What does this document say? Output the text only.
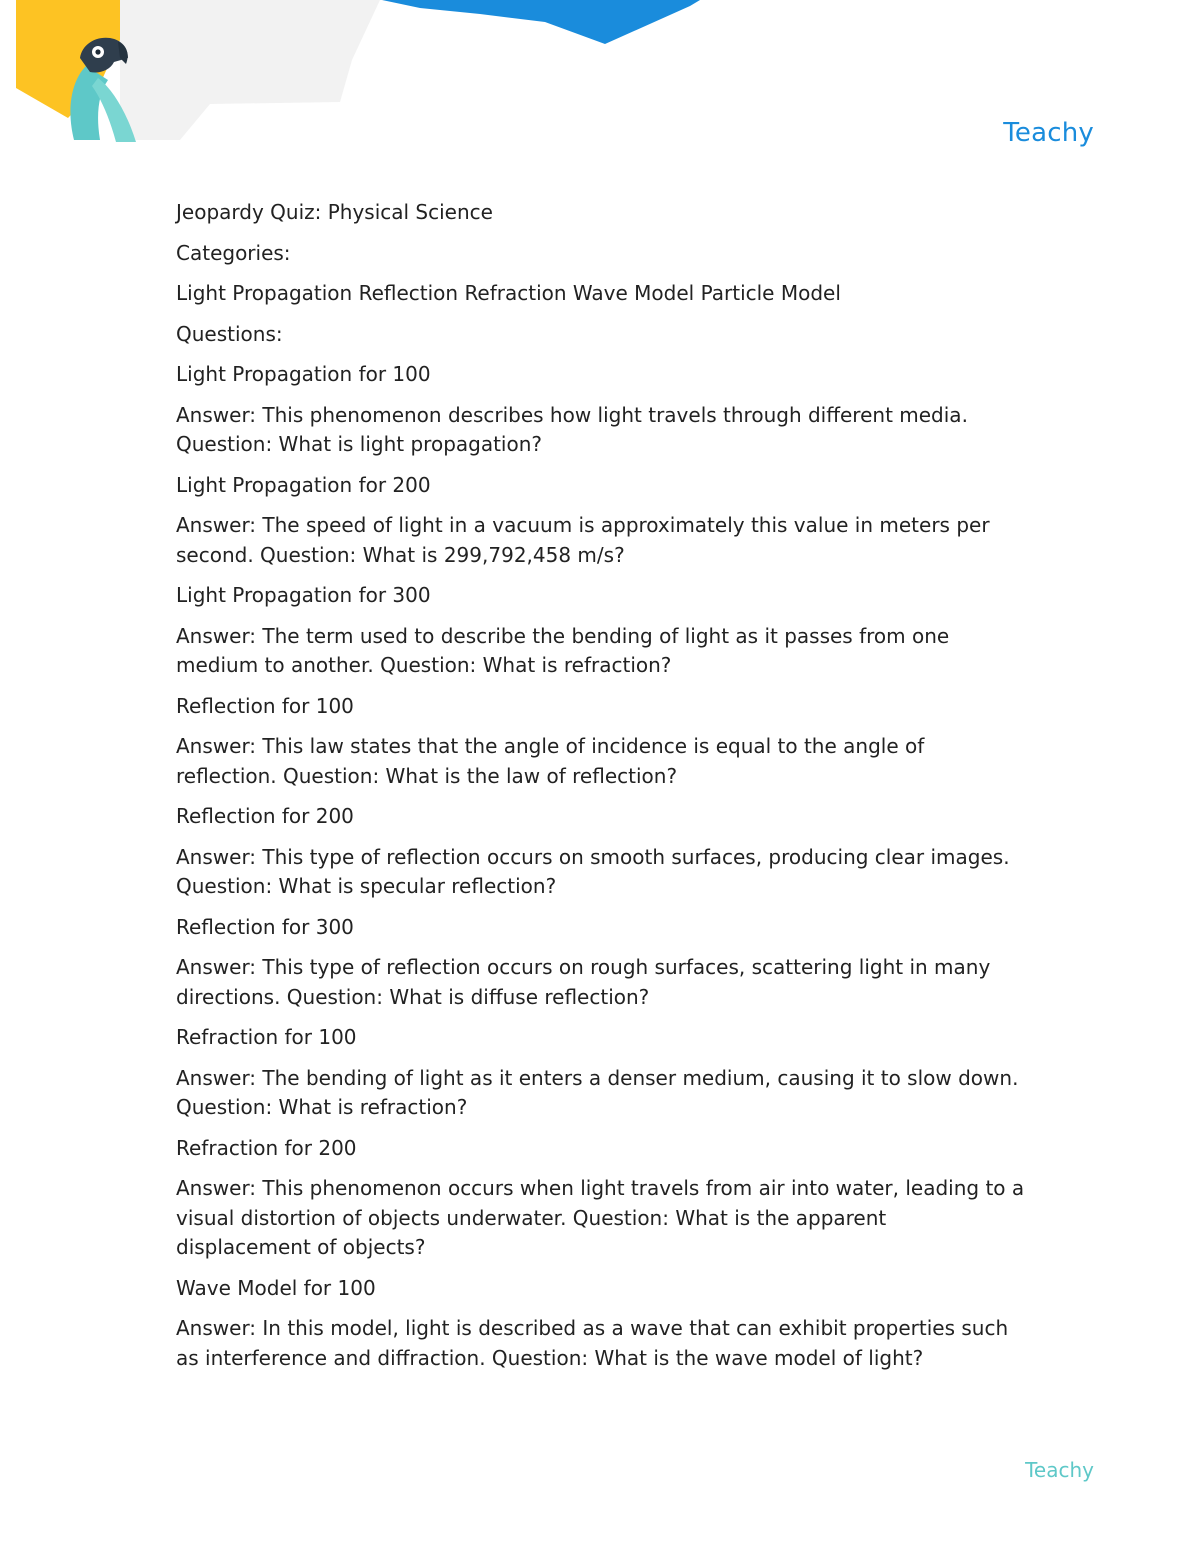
Teachy

Jeopardy Quiz: Physical Science

Categories:

Light Propagation Reflection Refraction Wave Model Particle Model

Questions:

Light Propagation for 100

Answer: This phenomenon describes how light travels through different media. Question: What is light propagation?

Light Propagation for 200

Answer: The speed of light in a vacuum is approximately this value in meters per second. Question: What is 299,792,458 m/s?

Light Propagation for 300

Answer: The term used to describe the bending of light as it passes from one medium to another. Question: What is refraction?

Reflection for 100

Answer: This law states that the angle of incidence is equal to the angle of reflection. Question: What is the law of reflection?

Reflection for 200

Answer: This type of reflection occurs on smooth surfaces, producing clear images. Question: What is specular reflection?

Reflection for 300

Answer: This type of reflection occurs on rough surfaces, scattering light in many directions. Question: What is diffuse reflection?

Refraction for 100

Answer: The bending of light as it enters a denser medium, causing it to slow down. Question: What is refraction?

Refraction for 200

Answer: This phenomenon occurs when light travels from air into water, leading to a visual distortion of objects underwater. Question: What is the apparent displacement of objects?

Wave Model for 100

Answer: In this model, light is described as a wave that can exhibit properties such as interference and diffraction. Question: What is the wave model of light?

Teachy
